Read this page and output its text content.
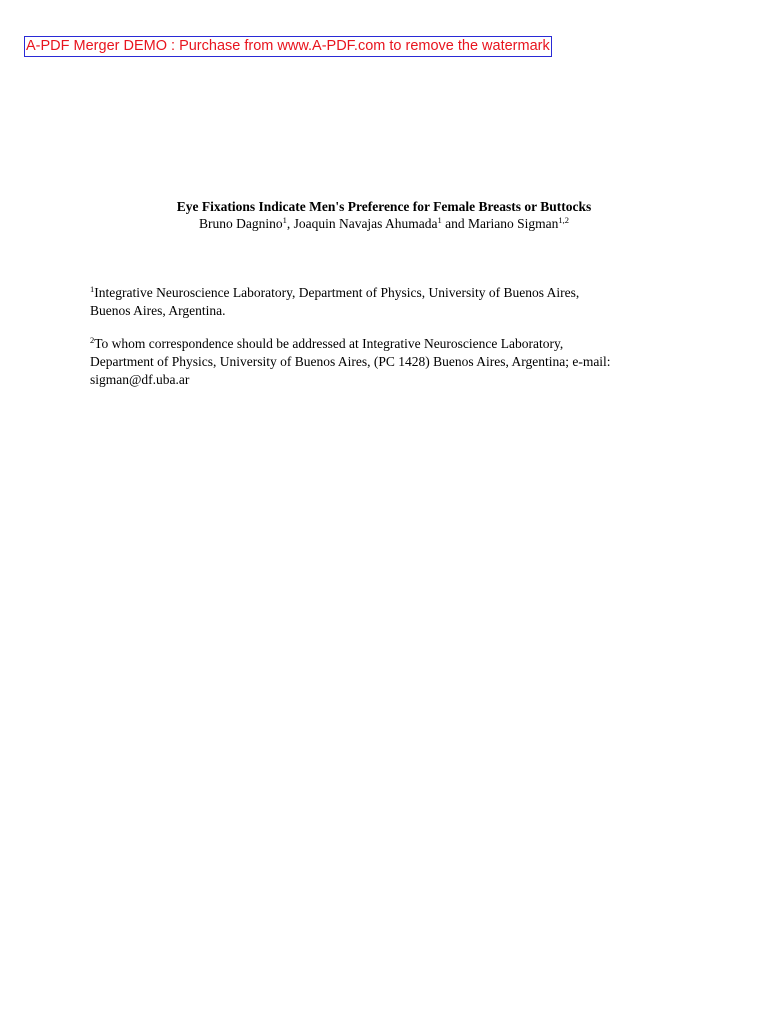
A-PDF Merger DEMO : Purchase from www.A-PDF.com to remove the watermark

Eye Fixations Indicate Men's Preference for Female Breasts or Buttocks

Bruno Dagnino$^1$, Joaquin Navajas Ahumada$^1$ and Mariano Sigman$^{1,2}$

$^1$Integrative Neuroscience Laboratory, Department of Physics, University of Buenos Aires,
Buenos Aires, Argentina.

$^2$To whom correspondence should be addressed at Integrative Neuroscience Laboratory,
Department of Physics, University of Buenos Aires, (PC 1428) Buenos Aires, Argentina; e-mail:
sigman@df.uba.ar
